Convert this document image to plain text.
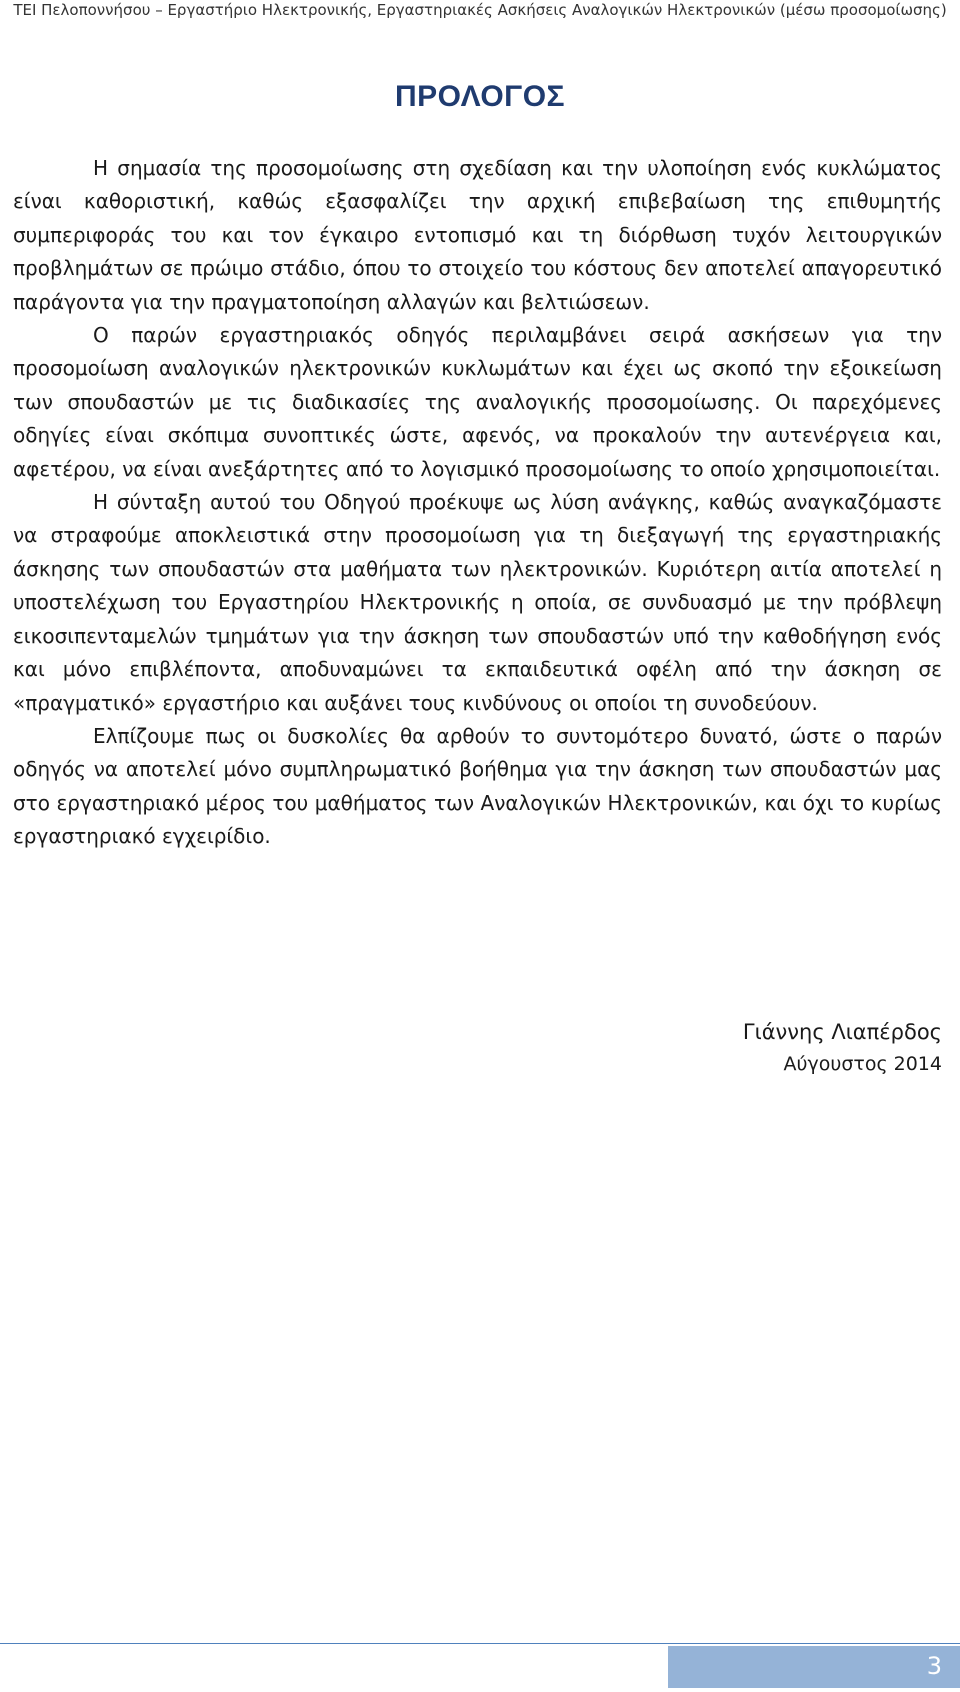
ΤΕΙ Πελοποννήσου – Εργαστήριο Ηλεκτρονικής, Εργαστηριακές Ασκήσεις Αναλογικών Ηλεκτρονικών (μέσω προσομοίωσης)
ΠΡΟΛΟΓΟΣ

Η σημασία της προσομοίωσης στη σχεδίαση και την υλοποίηση ενός κυκλώματος είναι καθοριστική, καθώς εξασφαλίζει την αρχική επιβεβαίωση της επιθυμητής συμπεριφοράς του και τον έγκαιρο εντοπισμό και τη διόρθωση τυχόν λειτουργικών προβλημάτων σε πρώιμο στάδιο, όπου το στοιχείο του κόστους δεν αποτελεί απαγορευτικό παράγοντα για την πραγματοποίηση αλλαγών και βελτιώσεων.

Ο παρών εργαστηριακός οδηγός περιλαμβάνει σειρά ασκήσεων για την προσομοίωση αναλογικών ηλεκτρονικών κυκλωμάτων και έχει ως σκοπό την εξοικείωση των σπουδαστών με τις διαδικασίες της αναλογικής προσομοίωσης. Οι παρεχόμενες οδηγίες είναι σκόπιμα συνοπτικές ώστε, αφενός, να προκαλούν την αυτενέργεια και, αφετέρου, να είναι ανεξάρτητες από το λογισμικό προσομοίωσης το οποίο χρησιμοποιείται.

Η σύνταξη αυτού του Οδηγού προέκυψε ως λύση ανάγκης, καθώς αναγκαζόμαστε να στραφούμε αποκλειστικά στην προσομοίωση για τη διεξαγωγή της εργαστηριακής άσκησης των σπουδαστών στα μαθήματα των ηλεκτρονικών. Κυριότερη αιτία αποτελεί η υποστελέχωση του Εργαστηρίου Ηλεκτρονικής η οποία, σε συνδυασμό με την πρόβλεψη εικοσιπενταμελών τμημάτων για την άσκηση των σπουδαστών υπό την καθοδήγηση ενός και μόνο επιβλέποντα, αποδυναμώνει τα εκπαιδευτικά οφέλη από την άσκηση σε «πραγματικό» εργαστήριο και αυξάνει τους κινδύνους οι οποίοι τη συνοδεύουν.

Ελπίζουμε πως οι δυσκολίες θα αρθούν το συντομότερο δυνατό, ώστε ο παρών οδηγός να αποτελεί μόνο συμπληρωματικό βοήθημα για την άσκηση των σπουδαστών μας στο εργαστηριακό μέρος του μαθήματος των Αναλογικών Ηλεκτρονικών, και όχι το κυρίως εργαστηριακό εγχειρίδιο.

Γιάννης Λιαπέρδος
Αύγουστος 2014
3
